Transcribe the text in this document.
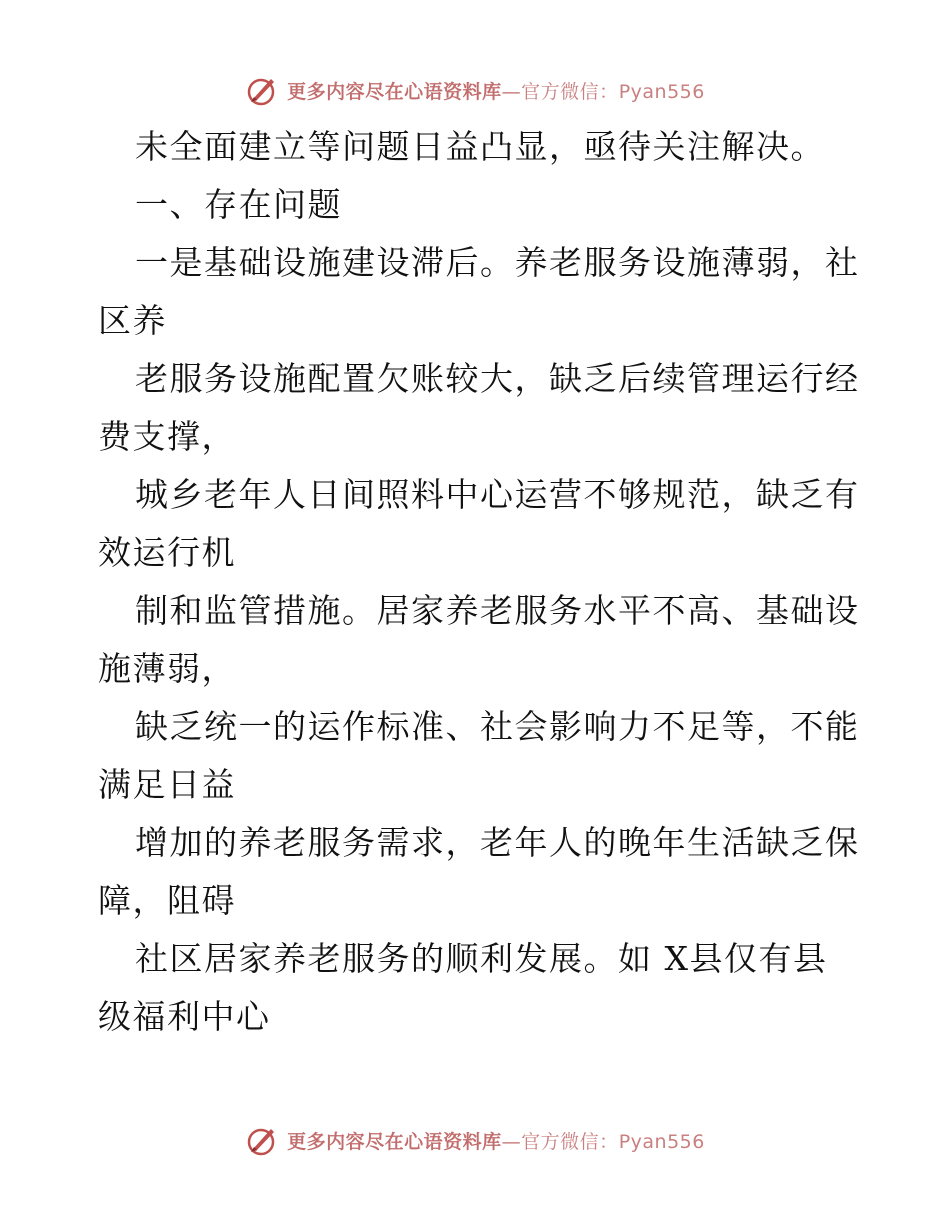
更多内容尽在心语资料库—官方微信：Pyan556
未全面建立等问题日益凸显，亟待关注解决。
一、存在问题
一是基础设施建设滞后。养老服务设施薄弱，社
区养
老服务设施配置欠账较大，缺乏后续管理运行经
费支撑，
城乡老年人日间照料中心运营不够规范，缺乏有
效运行机
制和监管措施。居家养老服务水平不高、基础设
施薄弱，
缺乏统一的运作标准、社会影响力不足等，不能
满足日益
增加的养老服务需求，老年人的晚年生活缺乏保
障，阻碍
社区居家养老服务的顺利发展。如 X县仅有县
级福利中心
更多内容尽在心语资料库—官方微信：Pyan556
